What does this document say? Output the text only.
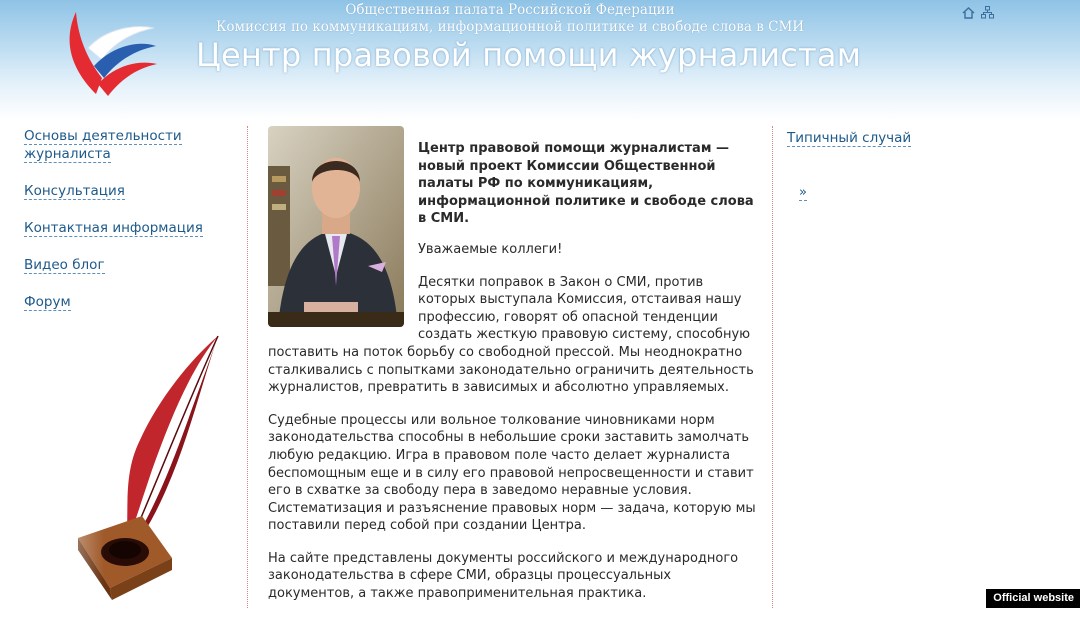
Общественная палата Российской Федерации
Комиссия по коммуникациям, информационной политике и свободе слова в СМИ
Центр правовой помощи журналистам
Основы деятельности журналиста
Консультация
Контактная информация
Видео блог
Форум

Центр правовой помощи журналистам — новый проект Комиссии Общественной палаты РФ по коммуникациям, информационной политике и свободе слова в СМИ.

Уважаемые коллеги!

Десятки поправок в Закон о СМИ, против которых выступала Комиссия, отстаивая нашу профессию, говорят об опасной тенденции создать жесткую правовую систему, способную поставить на поток борьбу со свободной прессой. Мы неоднократно сталкивались с попытками законодательно ограничить деятельность журналистов, превратить в зависимых и абсолютно управляемых.

Судебные процессы или вольное толкование чиновниками норм законодательства способны в небольшие сроки заставить замолчать любую редакцию. Игра в правовом поле часто делает журналиста беспомощным еще и в силу его правовой непросвещенности и ставит его в схватке за свободу пера в заведомо неравные условия. Систематизация и разъяснение правовых норм — задача, которую мы поставили перед собой при создании Центра.

На сайте представлены документы российского и международного законодательства в сфере СМИ, образцы процессуальных документов, а также правоприменительная практика.

Типичный случай
»
Official website
